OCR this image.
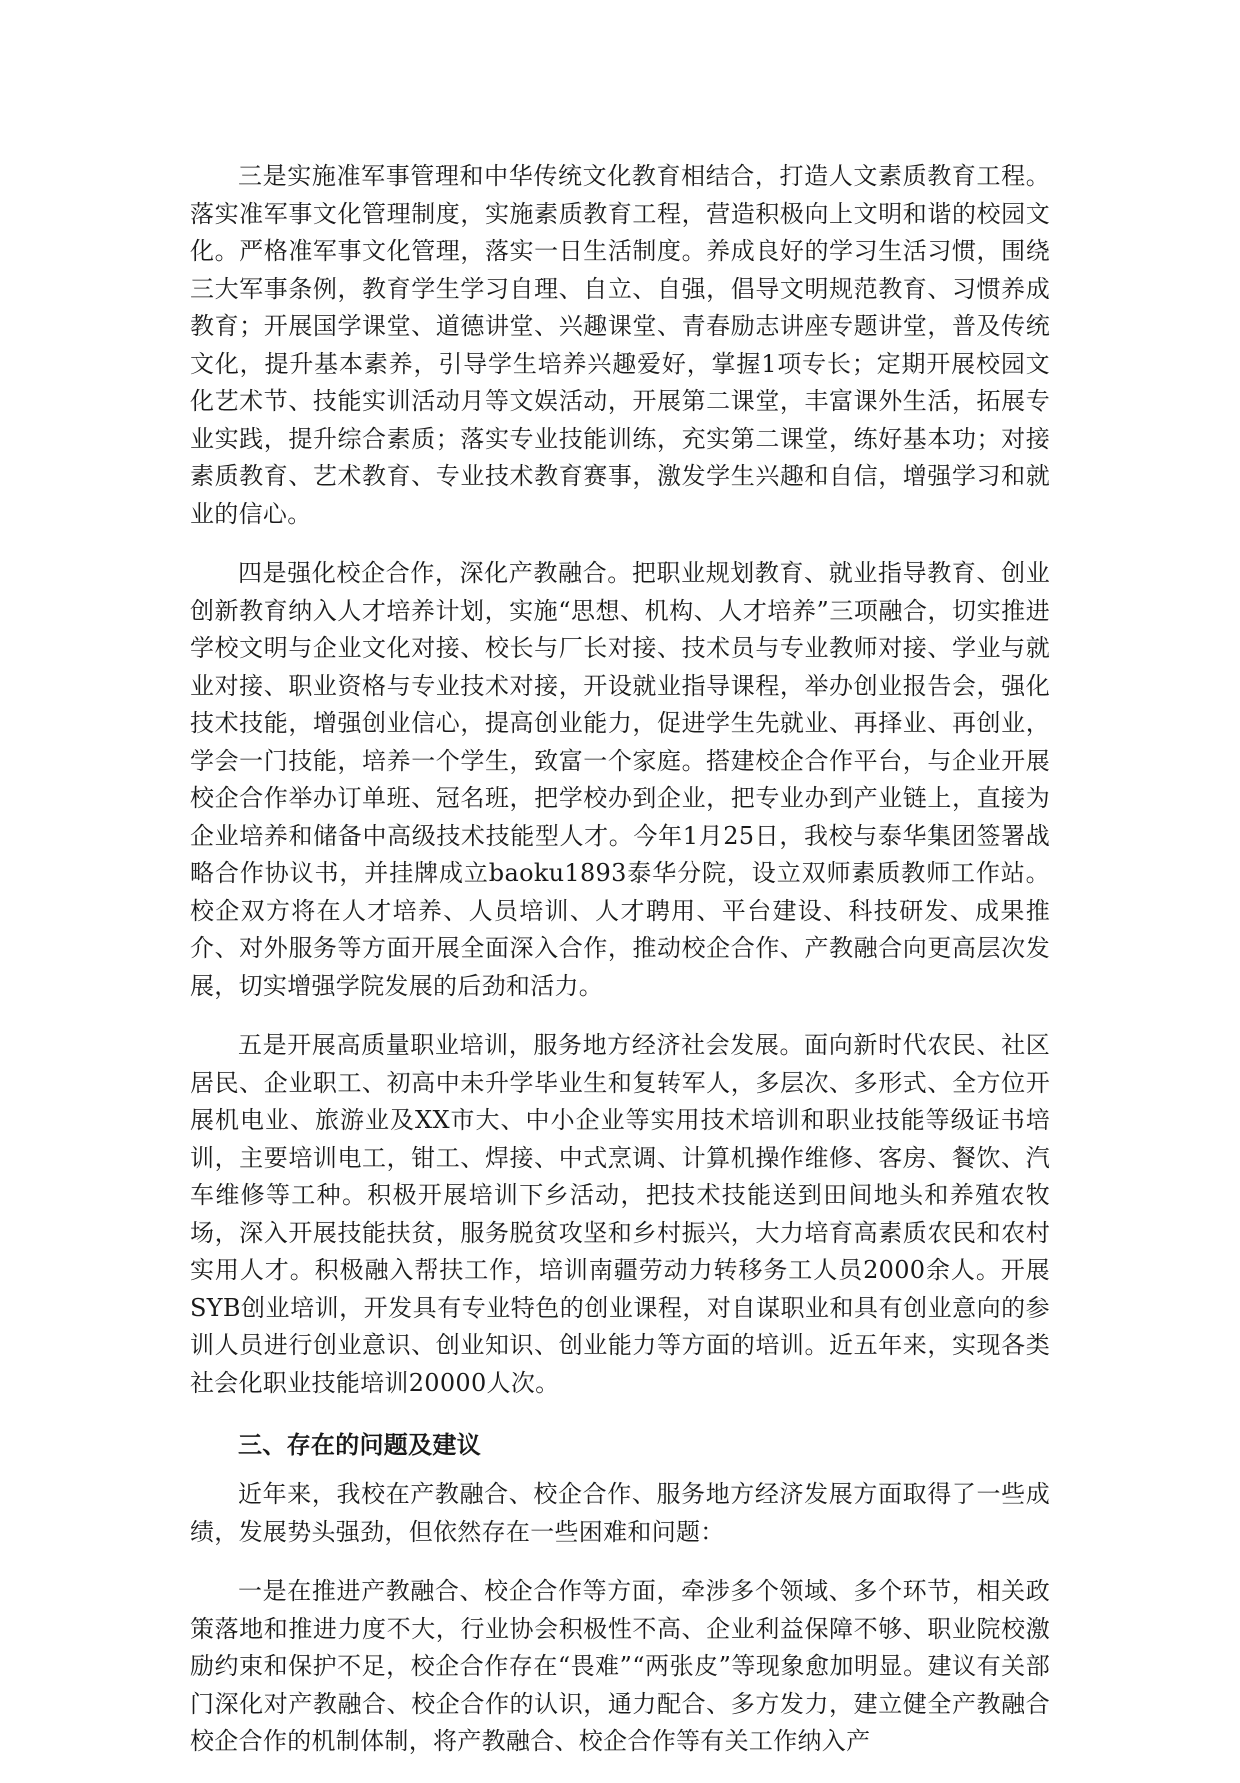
三是实施准军事管理和中华传统文化教育相结合，打造人文素质教育工程。落实准军事文化管理制度，实施素质教育工程，营造积极向上文明和谐的校园文化。严格准军事文化管理，落实一日生活制度。养成良好的学习生活习惯，围绕三大军事条例，教育学生学习自理、自立、自强，倡导文明规范教育、习惯养成教育；开展国学课堂、道德讲堂、兴趣课堂、青春励志讲座专题讲堂，普及传统文化，提升基本素养，引导学生培养兴趣爱好，掌握1项专长；定期开展校园文化艺术节、技能实训活动月等文娱活动，开展第二课堂，丰富课外生活，拓展专业实践，提升综合素质；落实专业技能训练，充实第二课堂，练好基本功；对接素质教育、艺术教育、专业技术教育赛事，激发学生兴趣和自信，增强学习和就业的信心。

四是强化校企合作，深化产教融合。把职业规划教育、就业指导教育、创业创新教育纳入人才培养计划，实施“思想、机构、人才培养”三项融合，切实推进学校文明与企业文化对接、校长与厂长对接、技术员与专业教师对接、学业与就业对接、职业资格与专业技术对接，开设就业指导课程，举办创业报告会，强化技术技能，增强创业信心，提高创业能力，促进学生先就业、再择业、再创业，学会一门技能，培养一个学生，致富一个家庭。搭建校企合作平台，与企业开展校企合作举办订单班、冠名班，把学校办到企业，把专业办到产业链上，直接为企业培养和储备中高级技术技能型人才。今年1月25日，我校与泰华集团签署战略合作协议书，并挂牌成立baoku1893泰华分院，设立双师素质教师工作站。校企双方将在人才培养、人员培训、人才聘用、平台建设、科技研发、成果推介、对外服务等方面开展全面深入合作，推动校企合作、产教融合向更高层次发展，切实增强学院发展的后劲和活力。

五是开展高质量职业培训，服务地方经济社会发展。面向新时代农民、社区居民、企业职工、初高中未升学毕业生和复转军人，多层次、多形式、全方位开展机电业、旅游业及XX市大、中小企业等实用技术培训和职业技能等级证书培训，主要培训电工，钳工、焊接、中式烹调、计算机操作维修、客房、餐饮、汽车维修等工种。积极开展培训下乡活动，把技术技能送到田间地头和养殖农牧场，深入开展技能扶贫，服务脱贫攻坚和乡村振兴，大力培育高素质农民和农村实用人才。积极融入帮扶工作，培训南疆劳动力转移务工人员2000余人。开展SYB创业培训，开发具有专业特色的创业课程，对自谋职业和具有创业意向的参训人员进行创业意识、创业知识、创业能力等方面的培训。近五年来，实现各类社会化职业技能培训20000人次。

三、存在的问题及建议

近年来，我校在产教融合、校企合作、服务地方经济发展方面取得了一些成绩，发展势头强劲，但依然存在一些困难和问题：

一是在推进产教融合、校企合作等方面，牵涉多个领域、多个环节，相关政策落地和推进力度不大，行业协会积极性不高、企业利益保障不够、职业院校激励约束和保护不足，校企合作存在“畏难”“两张皮”等现象愈加明显。建议有关部门深化对产教融合、校企合作的认识，通力配合、多方发力，建立健全产教融合校企合作的机制体制，将产教融合、校企合作等有关工作纳入产
